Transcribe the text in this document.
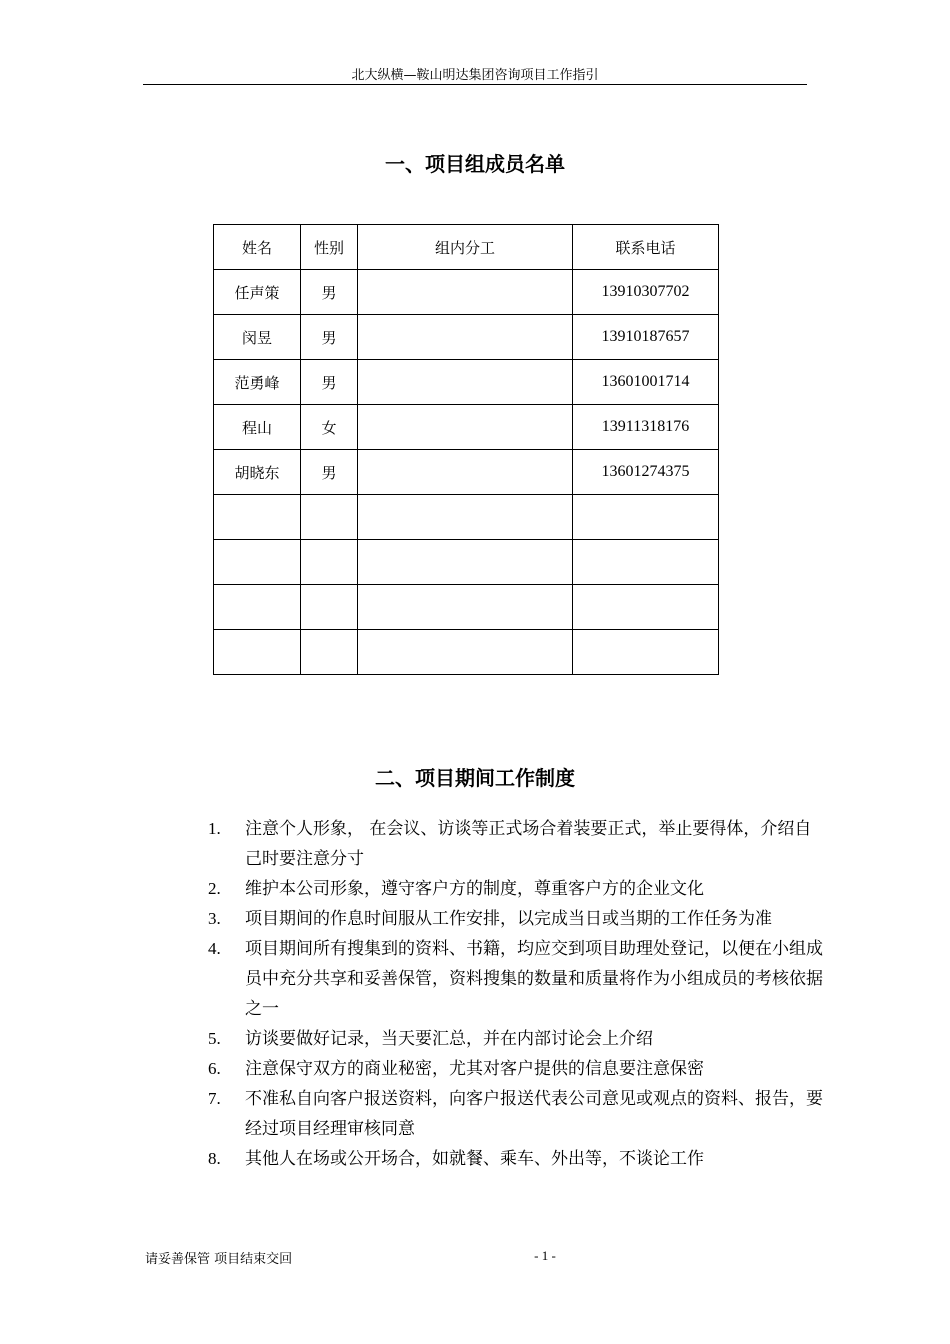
北大纵横—鞍山明达集团咨询项目工作指引
一、项目组成员名单
姓名	性别	组内分工	联系电话
任声策	男		13910307702
闵昱	男		13910187657
范勇峰	男		13601001714
程山	女		13911318176
胡晓东	男		13601274375

二、项目期间工作制度
1. 注意个人形象， 在会议、访谈等正式场合着装要正式，举止要得体，介绍自己时要注意分寸
2. 维护本公司形象，遵守客户方的制度，尊重客户方的企业文化
3. 项目期间的作息时间服从工作安排，以完成当日或当期的工作任务为准
4. 项目期间所有搜集到的资料、书籍，均应交到项目助理处登记，以便在小组成员中充分共享和妥善保管，资料搜集的数量和质量将作为小组成员的考核依据之一
5. 访谈要做好记录，当天要汇总，并在内部讨论会上介绍
6. 注意保守双方的商业秘密，尤其对客户提供的信息要注意保密
7. 不准私自向客户报送资料，向客户报送代表公司意见或观点的资料、报告，要经过项目经理审核同意
8. 其他人在场或公开场合，如就餐、乘车、外出等，不谈论工作
请妥善保管 项目结束交回	- 1 -
